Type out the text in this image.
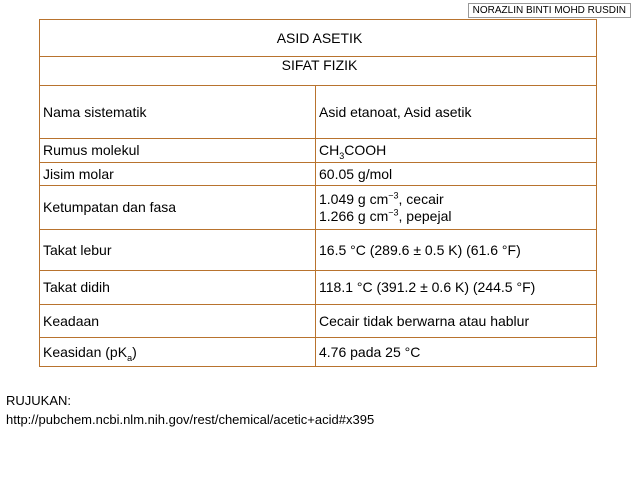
NORAZLIN BINTI MOHD RUSDIN
ASID ASETIK	
SIFAT FIZIK	
Nama sistematik	Asid etanoat, Asid asetik
Rumus molekul	$CH_3COOH$
Jisim molar	60.05 g/mol
Ketumpatan dan fasa	1.049 g $cm^{-3}$, cecair
1.266 g $cm^{-3}$, pepejal

Takat lebur	16.5 °C (289.6 ± 0.5 K) (61.6 °F)
Takat didih	118.1 °C (391.2 ± 0.6 K) (244.5 °F)
Keadaan	Cecair tidak berwarna atau hablur
Keasidan $(pK_a)$	4.76 pada 25 °C
RUJUKAN:
http://pubchem.ncbi.nlm.nih.gov/rest/chemical/acetic+acid#x395
